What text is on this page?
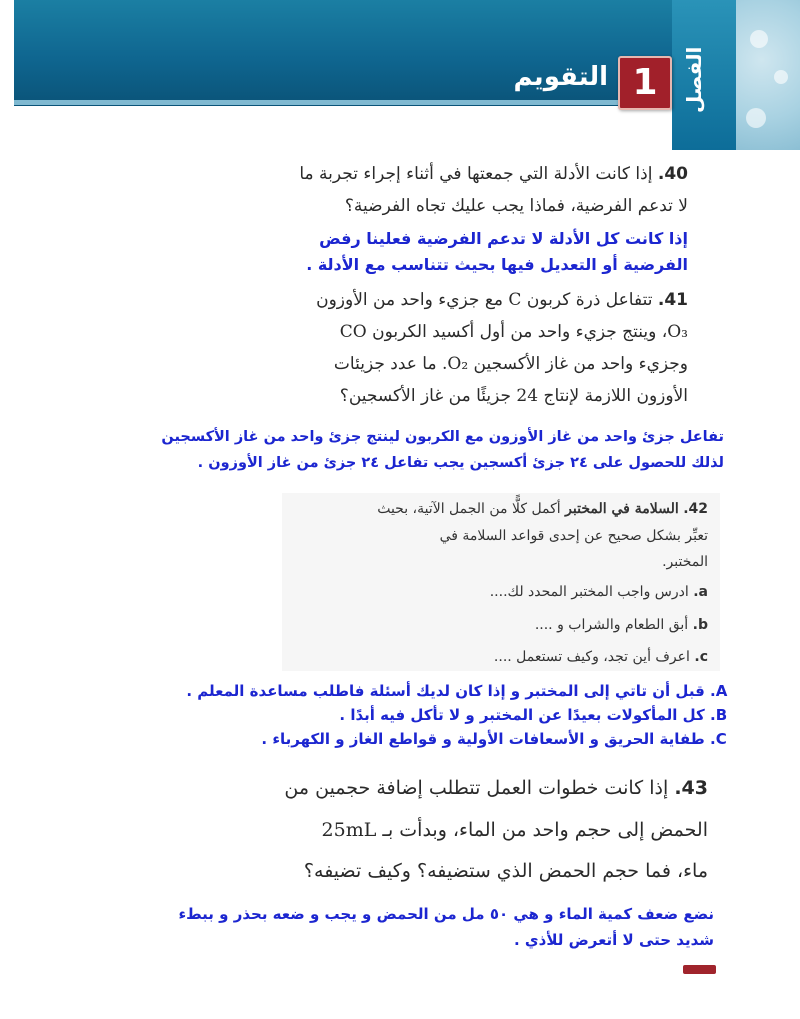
الفصل
1
التقويم
40. إذا كانت الأدلة التي جمعتها في أثناء إجراء تجربة ما
لا تدعم الفرضية، فماذا يجب عليك تجاه الفرضية؟
إذا كانت كل الأدلة لا تدعم الفرضية فعلينا رفض
الفرضية أو التعديل فيها بحيث تتناسب مع الأدلة .
41. تتفاعل ذرة كربون C مع جزيء واحد من الأوزون
O₃، وينتج جزيء واحد من أول أكسيد الكربون CO
وجزيء واحد من غاز الأكسجين O₂. ما عدد جزيئات
الأوزون اللازمة لإنتاج 24 جزيئًا من غاز الأكسجين؟
تفاعل جزئ واحد من غاز الأوزون مع الكربون لينتج جزئ واحد من غاز الأكسجين
لذلك للحصول على ٢٤ جزئ أكسجين يجب تفاعل ٢٤ جزئ من غاز الأوزون .
42. السلامة في المختبر أكمل كلًّا من الجمل الآتية، بحيث
تعبِّر بشكل صحيح عن إحدى قواعد السلامة في
المختبر.
a. ادرس واجب المختبر المحدد لك....
b. أبق الطعام والشراب و ....
c. اعرف أين تجد، وكيف تستعمل ....
A. قبل أن تاتي إلى المختبر و إذا كان لديك أسئلة فاطلب مساعدة المعلم .
B. كل المأكولات بعيدًا عن المختبر و لا تأكل فيه أبدًا .
C. طفاية الحريق و الأسعافات الأولية و قواطع الغاز و الكهرباء .
43. إذا كانت خطوات العمل تتطلب إضافة حجمين من
الحمض إلى حجم واحد من الماء، وبدأت بـ 25mL
ماء، فما حجم الحمض الذي ستضيفه؟ وكيف تضيفه؟
نضع ضعف كمية الماء و هي ٥٠ مل من الحمض و يجب و ضعه بحذر و ببطء
شديد حتى لا أتعرض للأذي .
